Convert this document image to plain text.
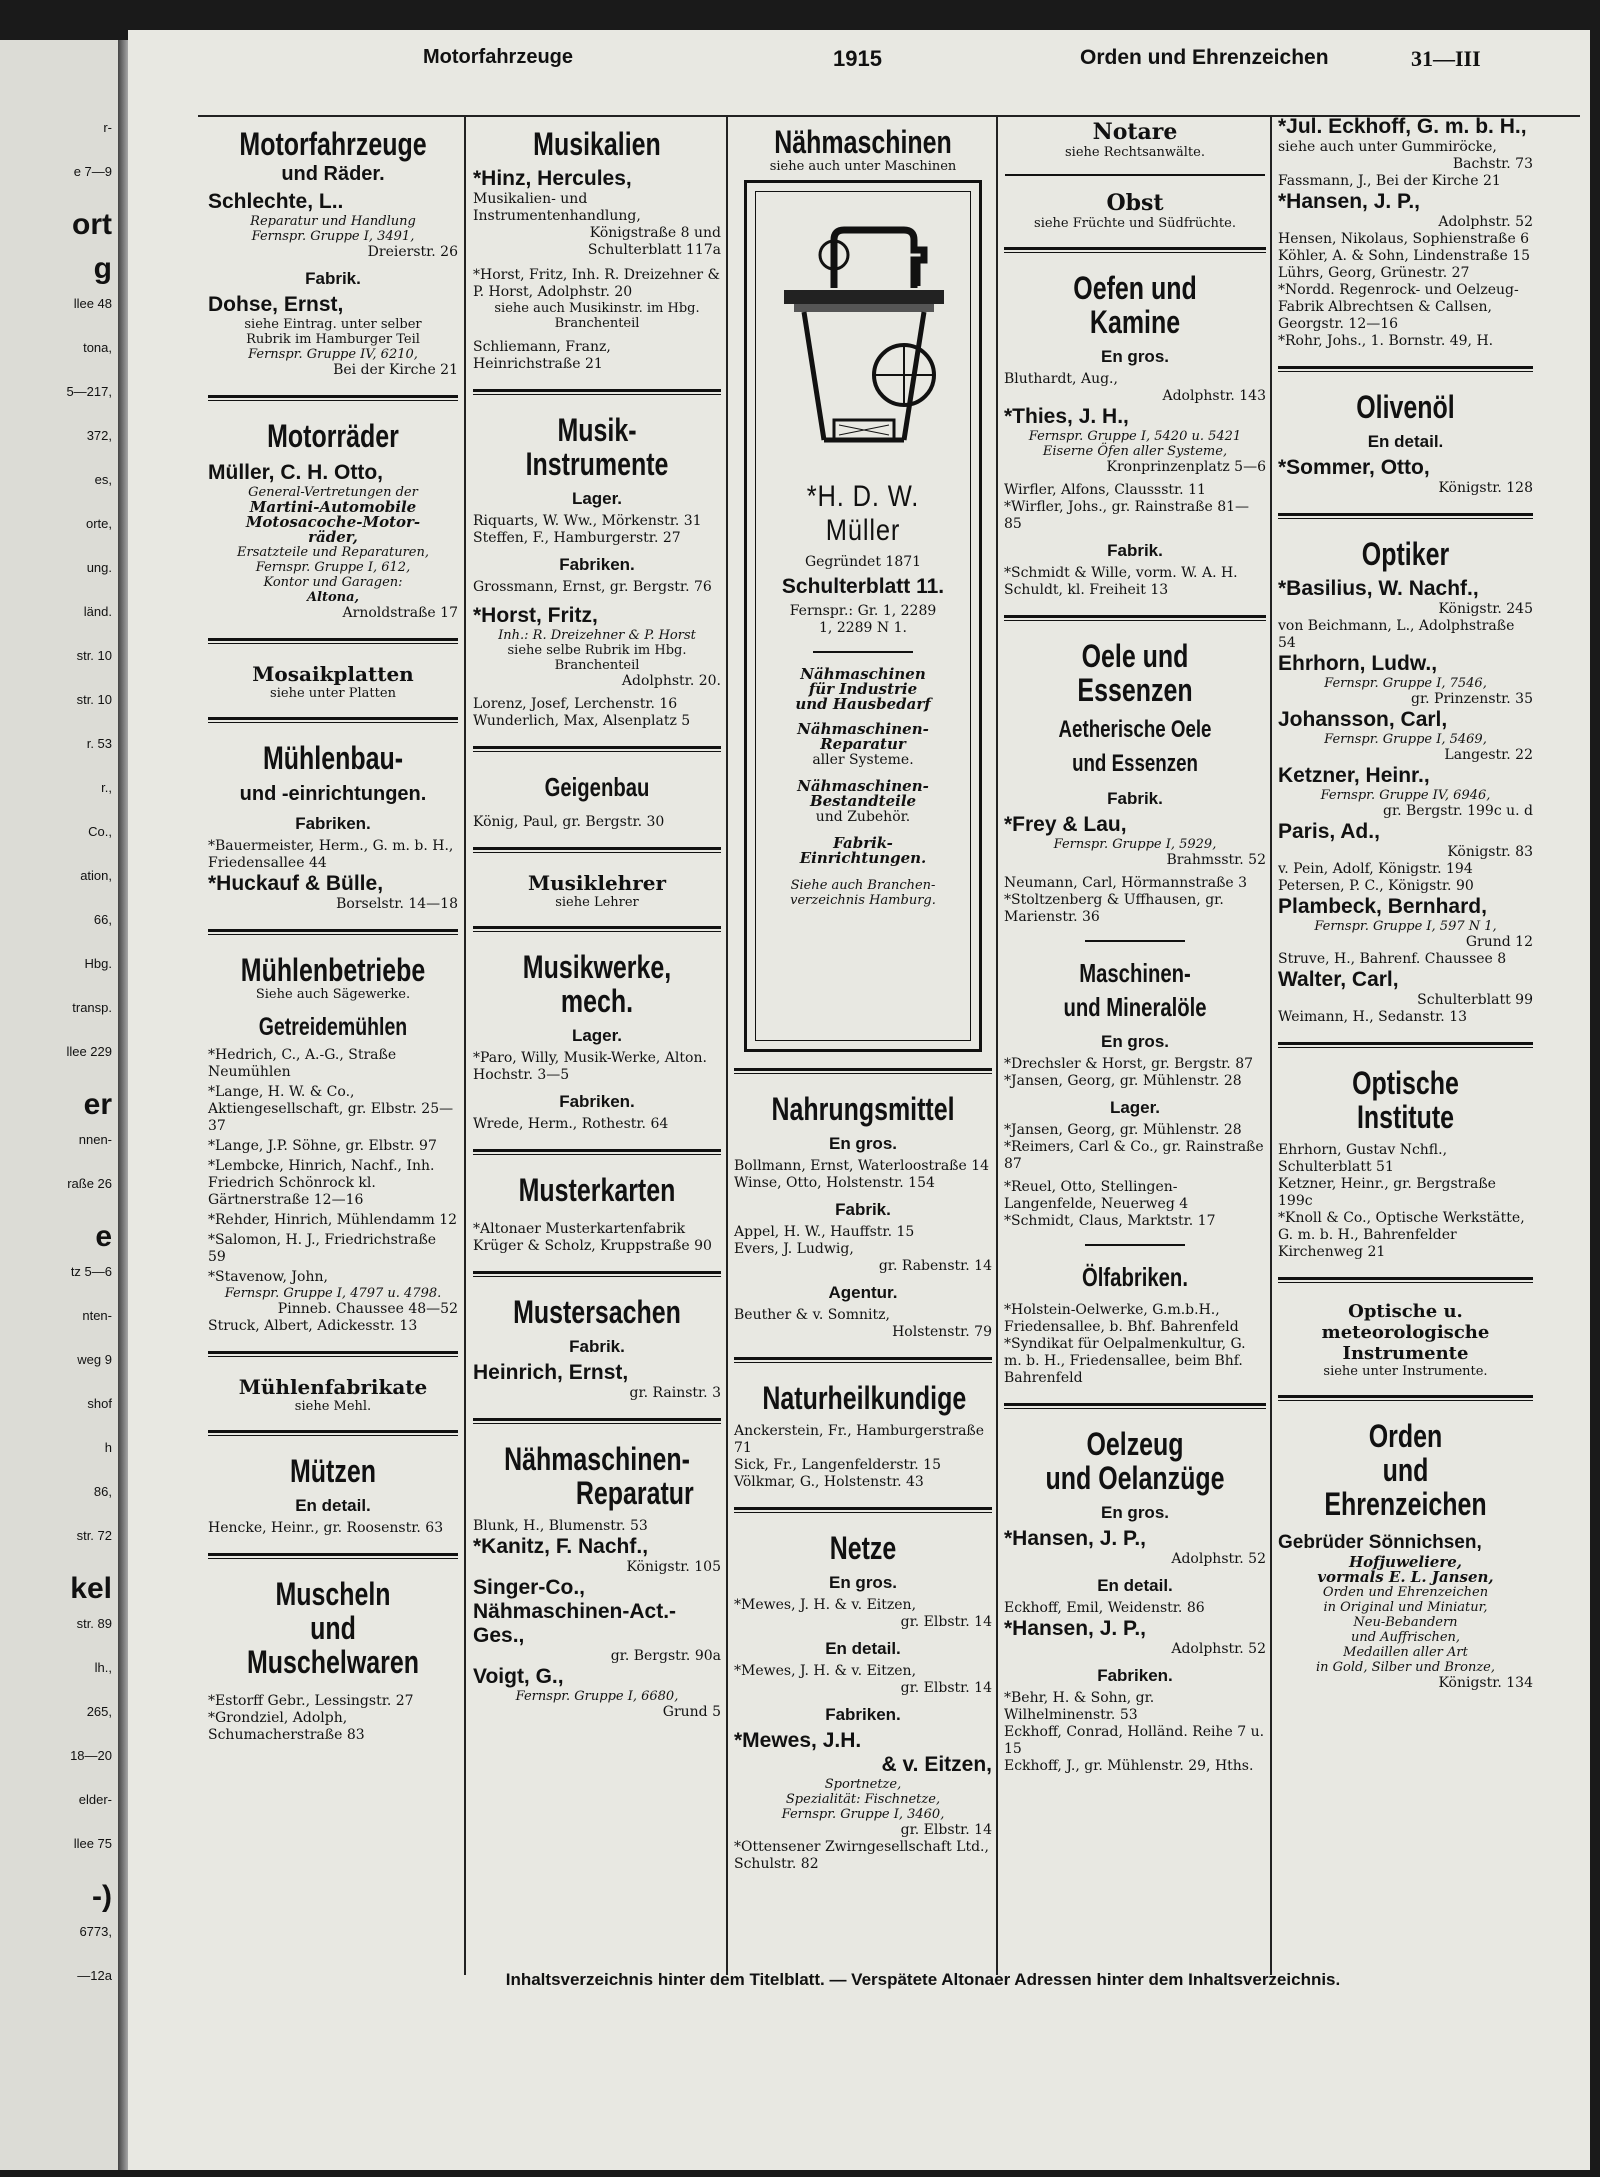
r-
e 7—9
ort
g
llee 48
tona,
5—217,
372,
es,
orte,
ung.
länd.
str. 10
str. 10
r. 53
r.,
Co.,
ation,
66,
Hbg.
transp.
llee 229
er
nnen-
raße 26
e
tz 5—6
nten-
weg 9
shof
h
86,
str. 72
kel
str. 89
lh.,
265,
18—20
elder-
llee 75
-)
6773,
—12a
Motorfahrzeuge	1915	Orden und Ehrenzeichen	31—III
Motorfahrzeuge
und Räder.
Schlechte, L..
Reparatur und Handlung
Fernspr. Gruppe I, 3491,
Dreierstr. 26
Fabrik.
Dohse, Ernst,
siehe Eintrag. unter selber
Rubrik im Hamburger Teil
Fernspr. Gruppe IV, 6210,
Bei der Kirche 21
Motorräder
Müller, C. H. Otto,
General-Vertretungen der
Martini-Automobile
Motosacoche-Motor-
räder,
Ersatzteile und Reparaturen,
Fernspr. Gruppe I, 612,
Kontor und Garagen:
Altona,
Arnoldstraße 17
Mosaikplatten
siehe unter Platten
Mühlenbau-
und -einrichtungen.
Fabriken.
*Bauermeister, Herm., G. m. b. H., Friedensallee 44
*Huckauf & Bülle,
Borselstr. 14—18
Mühlenbetriebe
Siehe auch Sägewerke.
Getreidemühlen
*Hedrich, C., A.-G., Straße Neumühlen
*Lange, H. W. & Co., Aktiengesellschaft, gr. Elbstr. 25—37
*Lange, J.P. Söhne, gr. Elbstr. 97
*Lembcke, Hinrich, Nachf., Inh. Friedrich Schönrock kl. Gärtnerstraße 12—16
*Rehder, Hinrich, Mühlendamm 12
*Salomon, H. J., Friedrichstraße 59
*Stavenow, John,
Fernspr. Gruppe I, 4797 u. 4798.
Pinneb. Chaussee 48—52
Struck, Albert, Adickesstr. 13
Mühlenfabrikate
siehe Mehl.
Mützen
En detail.
Hencke, Heinr., gr. Roosenstr. 63
Muscheln
und Muschelwaren
*Estorff Gebr., Lessingstr. 27
*Grondziel, Adolph, Schumacherstraße 83
Musikalien
*Hinz, Hercules,
Musikalien- und Instrumentenhandlung,
Königstraße 8 und
Schulterblatt 117a
*Horst, Fritz, Inh. R. Dreizehner & P. Horst, Adolphstr. 20
siehe auch Musikinstr. im Hbg. Branchenteil
Schliemann, Franz, Heinrichstraße 21
Musik-Instrumente
Lager.
Riquarts, W. Ww., Mörkenstr. 31
Steffen, F., Hamburgerstr. 27
Fabriken.
Grossmann, Ernst, gr. Bergstr. 76
*Horst, Fritz,
Inh.: R. Dreizehner & P. Horst
siehe selbe Rubrik im Hbg. Branchenteil
Adolphstr. 20.
Lorenz, Josef, Lerchenstr. 16
Wunderlich, Max, Alsenplatz 5
Geigenbau
König, Paul, gr. Bergstr. 30
Musiklehrer
siehe Lehrer
Musikwerke, mech.
Lager.
*Paro, Willy, Musik-Werke, Alton. Hochstr. 3—5
Fabriken.
Wrede, Herm., Rothestr. 64
Musterkarten
*Altonaer Musterkartenfabrik Krüger & Scholz, Kruppstraße 90
Mustersachen
Fabrik.
Heinrich, Ernst,
gr. Rainstr. 3
Nähmaschinen-
Reparatur
Blunk, H., Blumenstr. 53
*Kanitz, F. Nachf.,
Königstr. 105
Singer-Co., Nähmaschinen-Act.-Ges.,
gr. Bergstr. 90a
Voigt, G.,
Fernspr. Gruppe I, 6680,
Grund 5
Nähmaschinen
siehe auch unter Maschinen
*H. D. W. Müller
Gegründet 1871
Schulterblatt 11.
Fernspr.: Gr. 1, 2289
1, 2289 N 1.
Nähmaschinen
für Industrie
und Hausbedarf
Nähmaschinen-
Reparatur
aller Systeme.
Nähmaschinen-
Bestandteile
und Zubehör.
Fabrik-
Einrichtungen.
Siehe auch Branchen-
verzeichnis Hamburg.
Nahrungsmittel
En gros.
Bollmann, Ernst, Waterloostraße 14
Winse, Otto, Holstenstr. 154
Fabrik.
Appel, H. W., Hauffstr. 15
Evers, J. Ludwig,
gr. Rabenstr. 14
Agentur.
Beuther & v. Somnitz,
Holstenstr. 79
Naturheilkundige
Anckerstein, Fr., Hamburgerstraße 71
Sick, Fr., Langenfelderstr. 15
Völkmar, G., Holstenstr. 43
Netze
En gros.
*Mewes, J. H. & v. Eitzen,
gr. Elbstr. 14
En detail.
*Mewes, J. H. & v. Eitzen,
gr. Elbstr. 14
Fabriken.
*Mewes, J.H.
& v. Eitzen,
Sportnetze,
Spezialität: Fischnetze,
Fernspr. Gruppe I, 3460,
gr. Elbstr. 14
*Ottensener Zwirngesellschaft Ltd., Schulstr. 82
Notare
siehe Rechtsanwälte.
Obst
siehe Früchte und Südfrüchte.
Oefen und Kamine
En gros.
Bluthardt, Aug.,
Adolphstr. 143
*Thies, J. H.,
Fernspr. Gruppe I, 5420 u. 5421
Eiserne Öfen aller Systeme,
Kronprinzenplatz 5—6
Wirfler, Alfons, Claussstr. 11
*Wirfler, Johs., gr. Rainstraße 81—85
Fabrik.
*Schmidt & Wille, vorm. W. A. H. Schuldt, kl. Freiheit 13
Oele und Essenzen
Aetherische Oele
und Essenzen
Fabrik.
*Frey & Lau,
Fernspr. Gruppe I, 5929,
Brahmsstr. 52
Neumann, Carl, Hörmannstraße 3
*Stoltzenberg & Uffhausen, gr. Marienstr. 36
Maschinen-
und Mineralöle
En gros.
*Drechsler & Horst, gr. Bergstr. 87
*Jansen, Georg, gr. Mühlenstr. 28
Lager.
*Jansen, Georg, gr. Mühlenstr. 28
*Reimers, Carl & Co., gr. Rainstraße 87
*Reuel, Otto, Stellingen-Langenfelde, Neuerweg 4
*Schmidt, Claus, Marktstr. 17
Ölfabriken.
*Holstein-Oelwerke, G.m.b.H., Friedensallee, b. Bhf. Bahrenfeld
*Syndikat für Oelpalmenkultur, G. m. b. H., Friedensallee, beim Bhf. Bahrenfeld
Oelzeug
und Oelanzüge
En gros.
*Hansen, J. P.,
Adolphstr. 52
En detail.
Eckhoff, Emil, Weidenstr. 86
*Hansen, J. P.,
Adolphstr. 52
Fabriken.
*Behr, H. & Sohn, gr. Wilhelminenstr. 53
Eckhoff, Conrad, Holländ. Reihe 7 u. 15
Eckhoff, J., gr. Mühlenstr. 29, Hths.
*Jul. Eckhoff, G. m. b. H.,
siehe auch unter Gummiröcke,
Bachstr. 73
Fassmann, J., Bei der Kirche 21
*Hansen, J. P.,
Adolphstr. 52
Hensen, Nikolaus, Sophienstraße 6
Köhler, A. & Sohn, Lindenstraße 15
Lührs, Georg, Grünestr. 27
*Nordd. Regenrock- und Oelzeug-Fabrik Albrechtsen & Callsen, Georgstr. 12—16
*Rohr, Johs., 1. Bornstr. 49, H.
Olivenöl
En detail.
*Sommer, Otto,
Königstr. 128
Optiker
*Basilius, W. Nachf.,
Königstr. 245
von Beichmann, L., Adolphstraße 54
Ehrhorn, Ludw.,
Fernspr. Gruppe I, 7546,
gr. Prinzenstr. 35
Johansson, Carl,
Fernspr. Gruppe I, 5469,
Langestr. 22
Ketzner, Heinr.,
Fernspr. Gruppe IV, 6946,
gr. Bergstr. 199c u. d
Paris, Ad.,
Königstr. 83
v. Pein, Adolf, Königstr. 194
Petersen, P. C., Königstr. 90
Plambeck, Bernhard,
Fernspr. Gruppe I, 597 N 1,
Grund 12
Struve, H., Bahrenf. Chaussee 8
Walter, Carl,
Schulterblatt 99
Weimann, H., Sedanstr. 13
Optische Institute
Ehrhorn, Gustav Nchfl., Schulterblatt 51
Ketzner, Heinr., gr. Bergstraße 199c
*Knoll & Co., Optische Werkstätte, G. m. b. H., Bahrenfelder Kirchenweg 21
Optische u. meteorologische
Instrumente
siehe unter Instrumente.
Orden
und Ehrenzeichen
Gebrüder Sönnichsen,
Hofjuweliere,
vormals E. L. Jansen,
Orden und Ehrenzeichen
in Original und Miniatur,
Neu-Bebandern
und Auffrischen,
Medaillen aller Art
in Gold, Silber und Bronze,
Königstr. 134
Inhaltsverzeichnis hinter dem Titelblatt. — Verspätete Altonaer Adressen hinter dem Inhaltsverzeichnis.
